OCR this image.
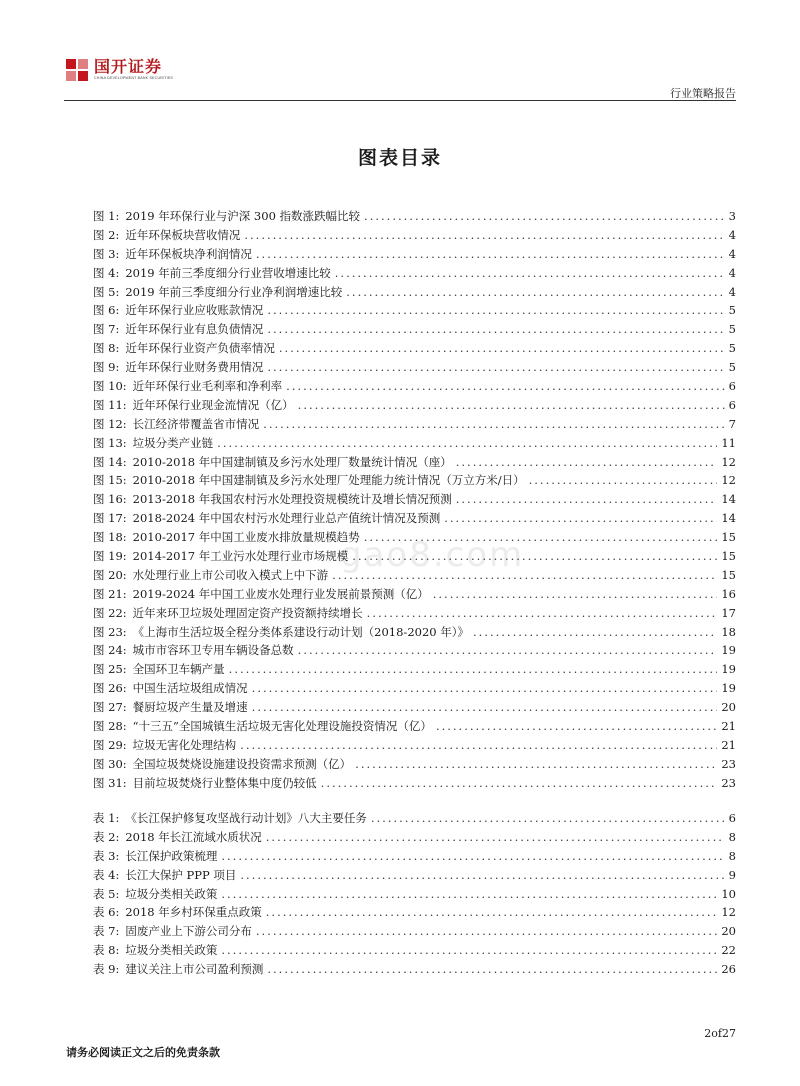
国开证券
CHINA DEVELOPMENT BANK SECURITIES
行业策略报告
图表目录
gao8.com
图 1: 2019 年环保行业与沪深 300 指数涨跌幅比较 .....	3
图 2: 近年环保板块营收情况 .....	4
图 3: 近年环保板块净利润情况 .....	4
图 4: 2019 年前三季度细分行业营收增速比较 .....	4
图 5: 2019 年前三季度细分行业净利润增速比较 .....	4
图 6: 近年环保行业应收账款情况 .....	5
图 7: 近年环保行业有息负债情况 .....	5
图 8: 近年环保行业资产负债率情况 .....	5
图 9: 近年环保行业财务费用情况 .....	5
图 10: 近年环保行业毛利率和净利率 .....	6
图 11: 近年环保行业现金流情况（亿） .....	6
图 12: 长江经济带覆盖省市情况 .....	7
图 13: 垃圾分类产业链 .....	11
图 14: 2010-2018 年中国建制镇及乡污水处理厂数量统计情况（座） .....	12
图 15: 2010-2018 年中国建制镇及乡污水处理厂处理能力统计情况（万立方米/日） .....	12
图 16: 2013-2018 年我国农村污水处理投资规模统计及增长情况预测 .....	14
图 17: 2018-2024 年中国农村污水处理行业总产值统计情况及预测 .....	14
图 18: 2010-2017 年中国工业废水排放量规模趋势 .....	15
图 19: 2014-2017 年工业污水处理行业市场规模 .....	15
图 20: 水处理行业上市公司收入模式上中下游 .....	15
图 21: 2019-2024 年中国工业废水处理行业发展前景预测（亿） .....	16
图 22: 近年来环卫垃圾处理固定资产投资额持续增长 .....	17
图 23: 《上海市生活垃圾全程分类体系建设行动计划（2018-2020 年）》 .....	18
图 24: 城市市容环卫专用车辆设备总数 .....	19
图 25: 全国环卫车辆产量 .....	19
图 26: 中国生活垃圾组成情况 .....	19
图 27: 餐厨垃圾产生量及增速 .....	20
图 28: “十三五”全国城镇生活垃圾无害化处理设施投资情况（亿） .....	21
图 29: 垃圾无害化处理结构 .....	21
图 30: 全国垃圾焚烧设施建设投资需求预测（亿） .....	23
图 31: 目前垃圾焚烧行业整体集中度仍较低 .....	23
表 1: 《长江保护修复攻坚战行动计划》八大主要任务 .....	6
表 2: 2018 年长江流域水质状况 .....	8
表 3: 长江保护政策梳理 .....	8
表 4: 长江大保护 PPP 项目 .....	9
表 5: 垃圾分类相关政策 .....	10
表 6: 2018 年乡村环保重点政策 .....	12
表 7: 固废产业上下游公司分布 .....	20
表 8: 垃圾分类相关政策 .....	22
表 9: 建议关注上市公司盈利预测 .....	26
2of27
请务必阅读正文之后的免责条款
